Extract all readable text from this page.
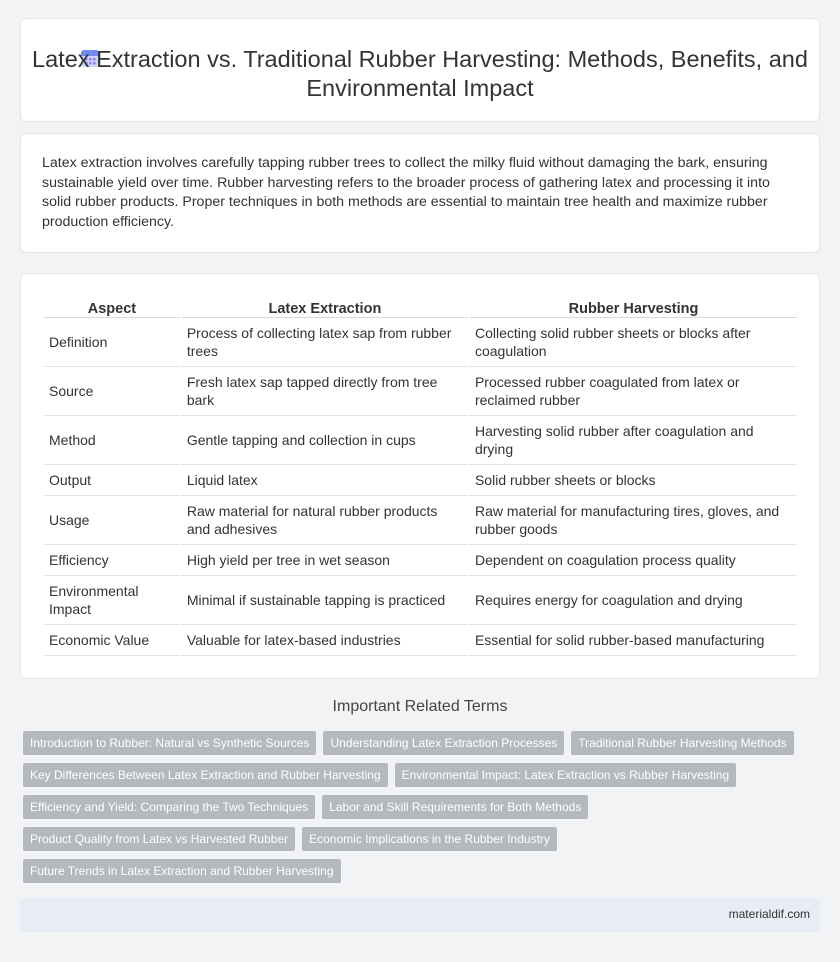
Latex Extraction vs. Traditional Rubber Harvesting: Methods, Benefits, and Environmental Impact

Latex extraction involves carefully tapping rubber trees to collect the milky fluid without damaging the bark, ensuring sustainable yield over time. Rubber harvesting refers to the broader process of gathering latex and processing it into solid rubber products. Proper techniques in both methods are essential to maintain tree health and maximize rubber production efficiency.

Aspect	Latex Extraction	Rubber Harvesting
Definition	Process of collecting latex sap from rubber trees	Collecting solid rubber sheets or blocks after coagulation
Source	Fresh latex sap tapped directly from tree bark	Processed rubber coagulated from latex or reclaimed rubber
Method	Gentle tapping and collection in cups	Harvesting solid rubber after coagulation and drying
Output	Liquid latex	Solid rubber sheets or blocks
Usage	Raw material for natural rubber products and adhesives	Raw material for manufacturing tires, gloves, and rubber goods
Efficiency	High yield per tree in wet season	Dependent on coagulation process quality
Environmental Impact	Minimal if sustainable tapping is practiced	Requires energy for coagulation and drying
Economic Value	Valuable for latex-based industries	Essential for solid rubber-based manufacturing
Important Related Terms
Introduction to Rubber: Natural vs Synthetic Sources	Understanding Latex Extraction Processes	Traditional Rubber Harvesting Methods
Key Differences Between Latex Extraction and Rubber Harvesting	Environmental Impact: Latex Extraction vs Rubber Harvesting
Efficiency and Yield: Comparing the Two Techniques	Labor and Skill Requirements for Both Methods
Product Quality from Latex vs Harvested Rubber	Economic Implications in the Rubber Industry
Future Trends in Latex Extraction and Rubber Harvesting
materialdif.com
